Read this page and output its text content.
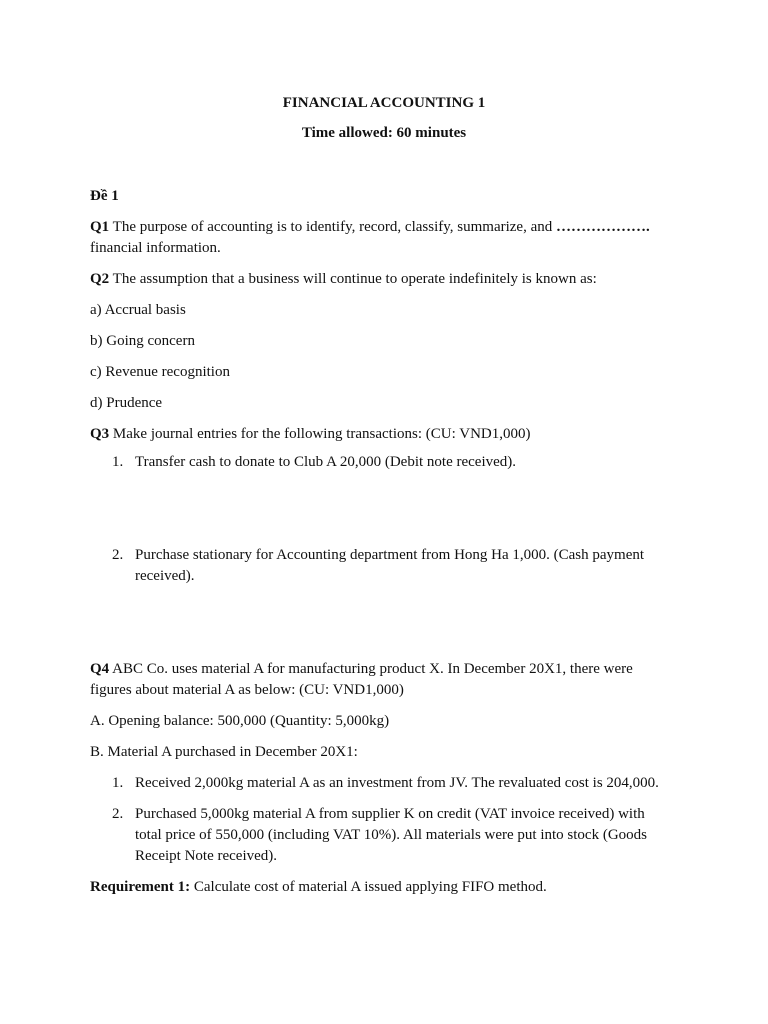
FINANCIAL ACCOUNTING 1
Time allowed: 60 minutes

Đề 1

Q1 The purpose of accounting is to identify, record, classify, summarize, and ………………. financial information.

Q2 The assumption that a business will continue to operate indefinitely is known as:

a) Accrual basis

b) Going concern

c) Revenue recognition

d) Prudence

Q3 Make journal entries for the following transactions: (CU: VND1,000)

1. Transfer cash to donate to Club A 20,000 (Debit note received).
2. Purchase stationary for Accounting department from Hong Ha 1,000. (Cash payment received).

Q4 ABC Co. uses material A for manufacturing product X. In December 20X1, there were figures about material A as below: (CU: VND1,000)

A. Opening balance: 500,000 (Quantity: 5,000kg)

B. Material A purchased in December 20X1:

1. Received 2,000kg material A as an investment from JV. The revaluated cost is 204,000.
2. Purchased 5,000kg material A from supplier K on credit (VAT invoice received) with total price of 550,000 (including VAT 10%). All materials were put into stock (Goods Receipt Note received).

Requirement 1: Calculate cost of material A issued applying FIFO method.
